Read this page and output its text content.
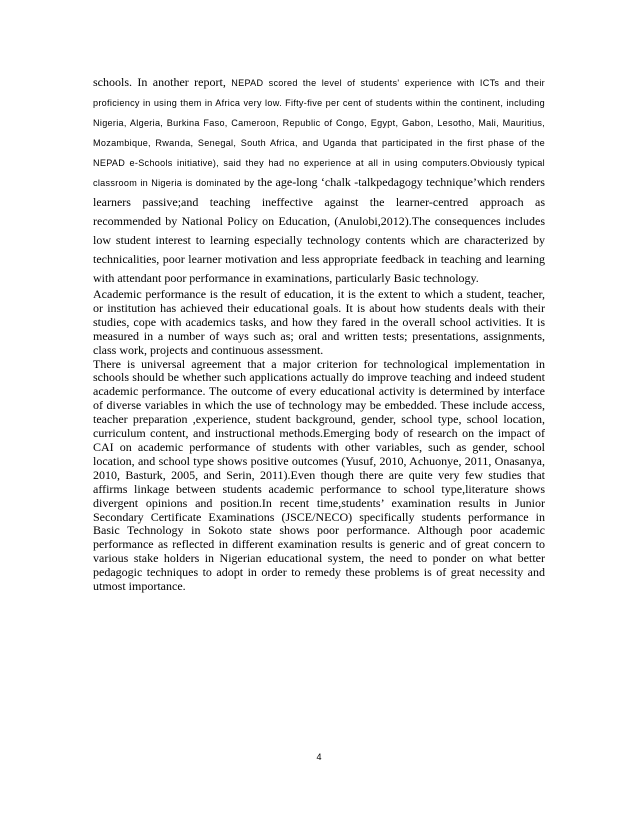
schools. In another report, NEPAD scored the level of students' experience with ICTs and their proficiency in using them in Africa very low. Fifty-five per cent of students within the continent, including Nigeria, Algeria, Burkina Faso, Cameroon, Republic of Congo, Egypt, Gabon, Lesotho, Mali, Mauritius, Mozambique, Rwanda, Senegal, South Africa, and Uganda that participated in the first phase of the NEPAD e-Schools initiative), said they had no experience at all in using computers.Obviously typical classroom in Nigeria is dominated by the age-long ‘chalk -talkpedagogy technique’which renders learners passive;and teaching ineffective against the learner-centred approach as recommended by National Policy on Education, (Anulobi,2012).The consequences includes low student interest to learning especially technology contents which are characterized by technicalities, poor learner motivation and less appropriate feedback in teaching and learning with attendant poor performance in examinations, particularly Basic technology.

Academic performance is the result of education, it is the extent to which a student, teacher, or institution has achieved their educational goals. It is about how students deals with their studies, cope with academics tasks, and how they fared in the overall school activities. It is measured in a number of ways such as; oral and written tests; presentations, assignments, class work, projects and continuous assessment.

There is universal agreement that a major criterion for technological implementation in schools should be whether such applications actually do improve teaching and indeed student academic performance. The outcome of every educational activity is determined by interface of diverse variables in which the use of technology may be embedded. These include access, teacher preparation ,experience, student background, gender, school type, school location, curriculum content, and instructional methods.Emerging body of research on the impact of CAI on academic performance of students with other variables, such as gender, school location, and school type shows positive outcomes (Yusuf, 2010, Achuonye, 2011, Onasanya, 2010, Basturk, 2005, and Serin, 2011).Even though there are quite very few studies that affirms linkage between students academic performance to school type,literature shows divergent opinions and position.In recent time,students’ examination results in Junior Secondary Certificate Examinations (JSCE/NECO) specifically students performance in Basic Technology in Sokoto state shows poor performance. Although poor academic performance as reflected in different examination results is generic and of great concern to various stake holders in Nigerian educational system, the need to ponder on what better pedagogic techniques to adopt in order to remedy these problems is of great necessity and utmost importance.

4
